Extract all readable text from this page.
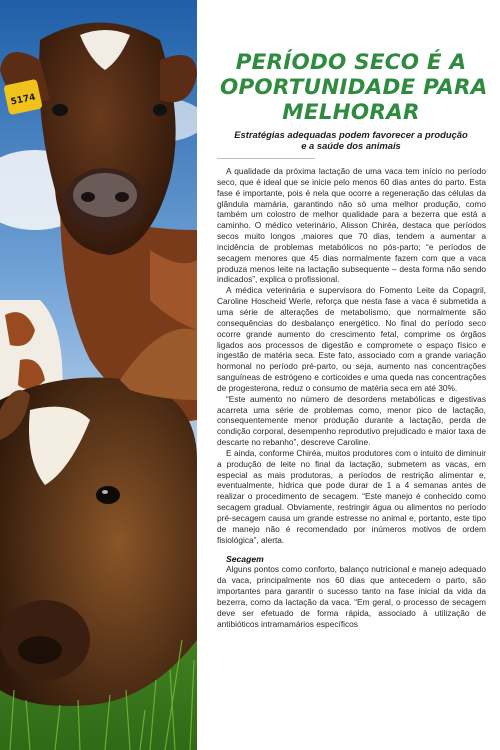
5174
PERÍODO SECO É A
OPORTUNIDADE PARA
MELHORAR
Estratégias adequadas podem favorecer a produção
e a saúde dos animais

A qualidade da próxima lactação de uma vaca tem início no período seco, que é ideal que se inicie pelo menos 60 dias antes do parto. Esta fase é importante, pois é nela que ocorre a regeneração das células da glândula mamária, garantindo não só uma melhor produção, como também um colostro de melhor qualidade para a bezerra que está a caminho. O médico veterinário, Alisson Chiréa, destaca que períodos secos muito longos ,maiores que 70 dias, tendem a aumentar a incidência de problemas metabólicos no pós-parto; “e períodos de secagem menores que 45 dias normalmente fazem com que a vaca produza menos leite na lactação subsequente – desta forma não sendo indicados”, explica o profissional.

A médica veterinária e supervisora do Fomento Leite da Copagril, Caroline Hoscheid Werle, reforça que nesta fase a vaca é submetida a uma série de alterações de metabolismo, que normalmente são consequências do desbalanço energético. No final do período seco ocorre grande aumento do crescimento fetal, comprime os órgãos ligados aos processos de digestão e compromete o espaço físico e ingestão de matéria seca. Este fato, associado com a grande variação hormonal no período pré-parto, ou seja, aumento nas concentrações sanguíneas de estrógeno e corticoides e uma queda nas concentrações de progesterona, reduz o consumo de matéria seca em até 30%.

“Este aumento no número de desordens metabólicas e digestivas acarreta uma série de problemas como, menor pico de lactação, consequentemente menor produção durante a lactação, perda de condição corporal, desempenho reprodutivo prejudicado e maior taxa de descarte no rebanho”, descreve Caroline.

E ainda, conforme Chiréa, muitos produtores com o intuito de diminuir a produção de leite no final da lactação, submetem as vacas, em especial as mais produtoras, a períodos de restrição alimentar e, eventualmente, hídrica que pode durar de 1 a 4 semanas antes de realizar o procedimento de secagem. “Este manejo é conhecido como secagem gradual. Obviamente, restringir água ou alimentos no período pré-secagem causa um grande estresse no animal e, portanto, este tipo de manejo não é recomendado por inúmeros motivos de ordem fisiológica”, alerta.

Secagem

Alguns pontos como conforto, balanço nutricional e manejo adequado da vaca, principalmente nos 60 dias que antecedem o parto, são importantes para garantir o sucesso tanto na fase inicial da vida da bezerra, como da lactação da vaca. “Em geral, o processo de secagem deve ser efetuado de forma rápida, associado à utilização de antibióticos intramamários específicos
